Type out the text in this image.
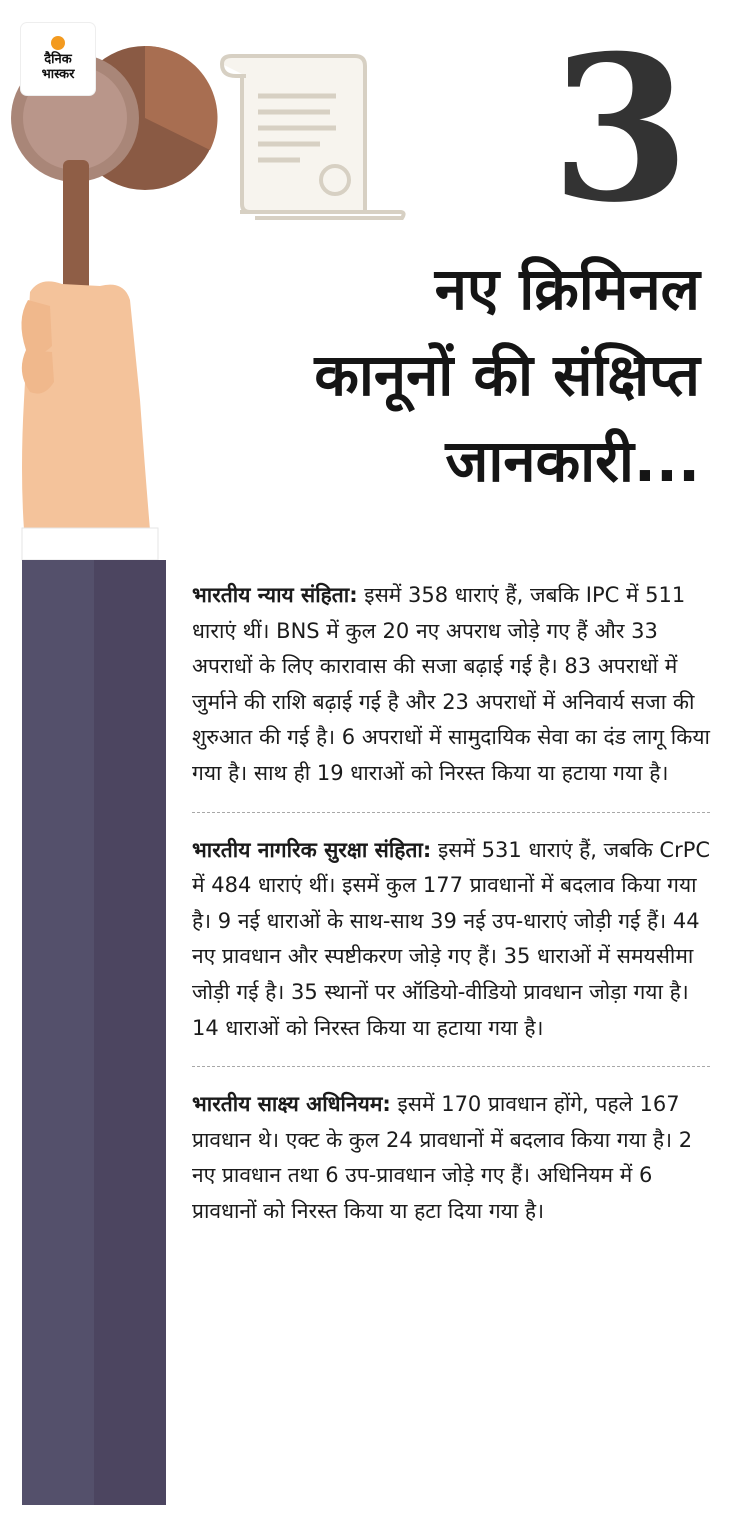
दैनिक
भास्कर 3
नए क्रिमिनल
कानूनों की संक्षिप्त
जानकारी...
भारतीय न्याय संहिता: इसमें 358 धाराएं हैं, जबकि IPC में 511 धाराएं थीं। BNS में कुल 20 नए अपराध जोड़े गए हैं और 33 अपराधों के लिए कारावास की सजा बढ़ाई गई है। 83 अपराधों में जुर्माने की राशि बढ़ाई गई है और 23 अपराधों में अनिवार्य सजा की शुरुआत की गई है। 6 अपराधों में सामुदायिक सेवा का दंड लागू किया गया है। साथ ही 19 धाराओं को निरस्त किया या हटाया गया है।
भारतीय नागरिक सुरक्षा संहिता: इसमें 531 धाराएं हैं, जबकि CrPC में 484 धाराएं थीं। इसमें कुल 177 प्रावधानों में बदलाव किया गया है। 9 नई धाराओं के साथ-साथ 39 नई उप-धाराएं जोड़ी गई हैं। 44 नए प्रावधान और स्पष्टीकरण जोड़े गए हैं। 35 धाराओं में समयसीमा जोड़ी गई है। 35 स्थानों पर ऑडियो-वीडियो प्रावधान जोड़ा गया है। 14 धाराओं को निरस्त किया या हटाया गया है।
भारतीय साक्ष्य अधिनियम: इसमें 170 प्रावधान होंगे, पहले 167 प्रावधान थे। एक्ट के कुल 24 प्रावधानों में बदलाव किया गया है। 2 नए प्रावधान तथा 6 उप-प्रावधान जोड़े गए हैं। अधिनियम में 6 प्रावधानों को निरस्त किया या हटा दिया गया है।
